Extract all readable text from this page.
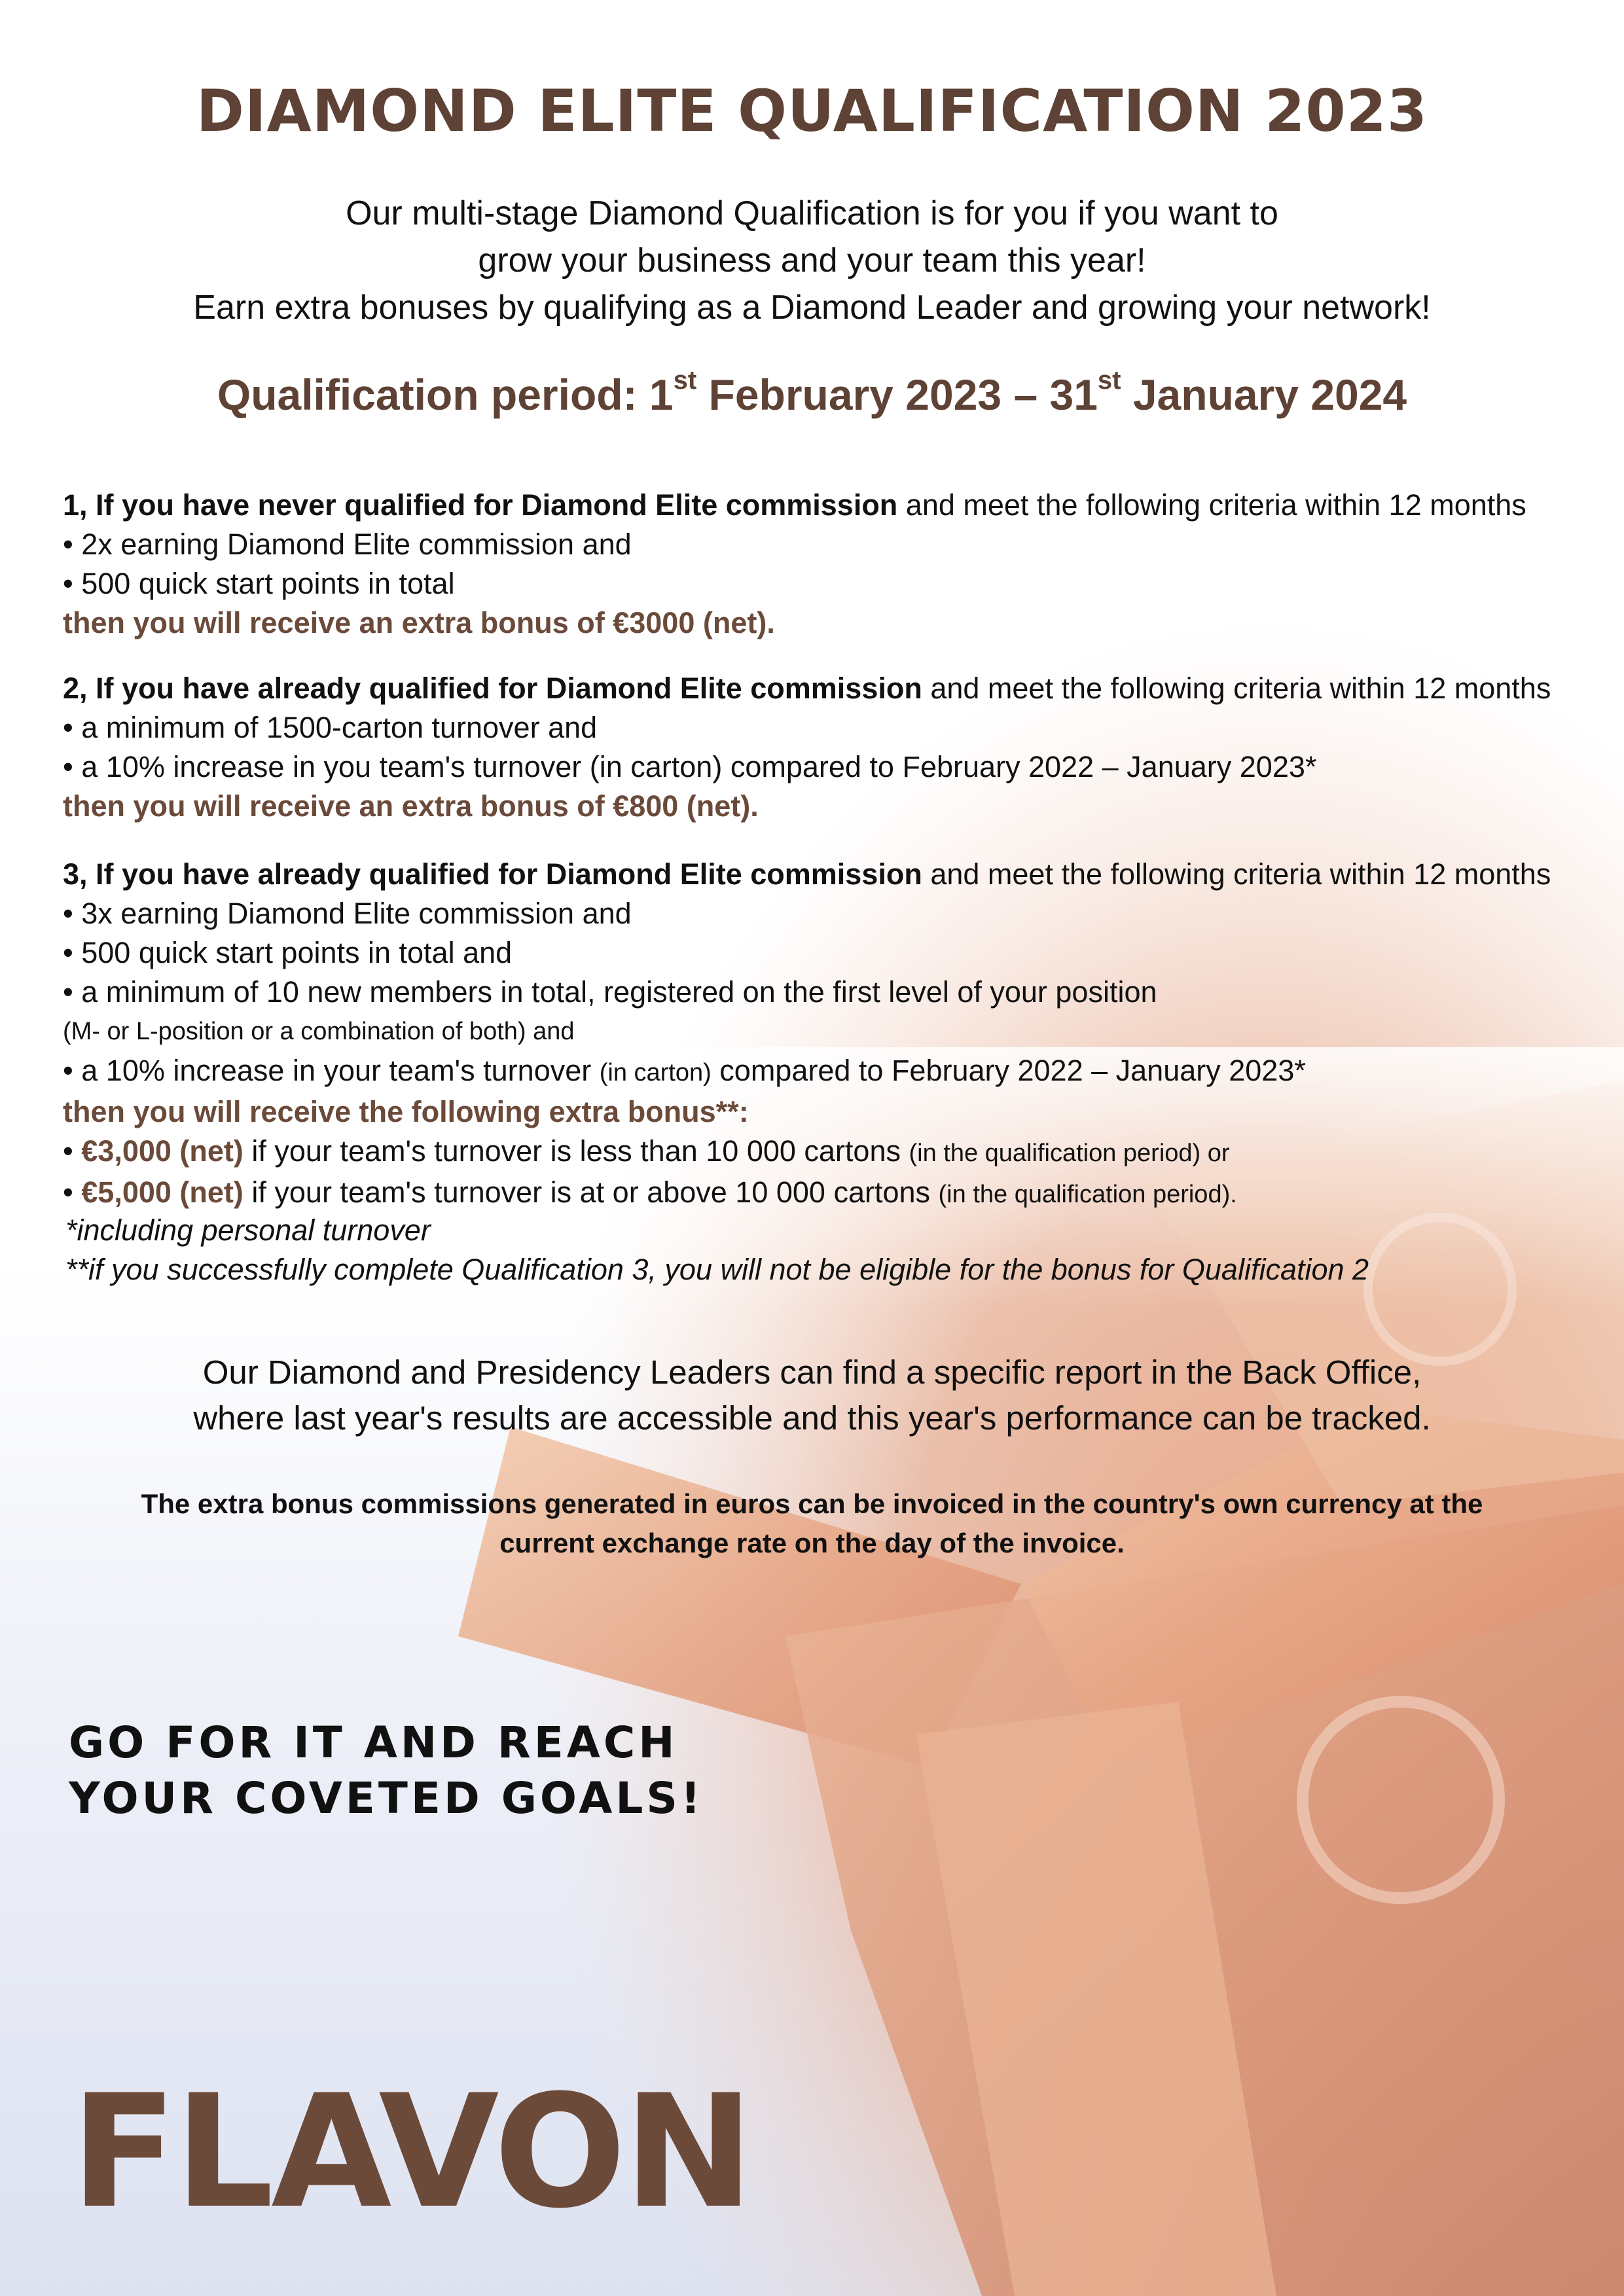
DIAMOND ELITE QUALIFICATION 2023
Our multi-stage Diamond Qualification is for you if you want to
grow your business and your team this year!
Earn extra bonuses by qualifying as a Diamond Leader and growing your network!
Qualification period: 1st February 2023 – 31st January 2024
1, If you have never qualified for Diamond Elite commission and meet the following criteria within 12 months
• 2x earning Diamond Elite commission and
• 500 quick start points in total
then you will receive an extra bonus of €3000 (net).
2, If you have already qualified for Diamond Elite commission and meet the following criteria within 12 months
• a minimum of 1500-carton turnover and
• a 10% increase in you team's turnover (in carton) compared to February 2022 – January 2023*
then you will receive an extra bonus of €800 (net).
3, If you have already qualified for Diamond Elite commission and meet the following criteria within 12 months
• 3x earning Diamond Elite commission and
• 500 quick start points in total and
• a minimum of 10 new members in total, registered on the first level of your position
(M- or L-position or a combination of both) and
• a 10% increase in your team's turnover (in carton) compared to February 2022 – January 2023*
then you will receive the following extra bonus**:
• €3,000 (net) if your team's turnover is less than 10 000 cartons (in the qualification period) or
• €5,000 (net) if your team's turnover is at or above 10 000 cartons (in the qualification period).
*including personal turnover
**if you successfully complete Qualification 3, you will not be eligible for the bonus for Qualification 2
Our Diamond and Presidency Leaders can find a specific report in the Back Office,
where last year's results are accessible and this year's performance can be tracked.
The extra bonus commissions generated in euros can be invoiced in the country's own currency at the
current exchange rate on the day of the invoice.
GO FOR IT AND REACH
YOUR COVETED GOALS!
FLAVON
